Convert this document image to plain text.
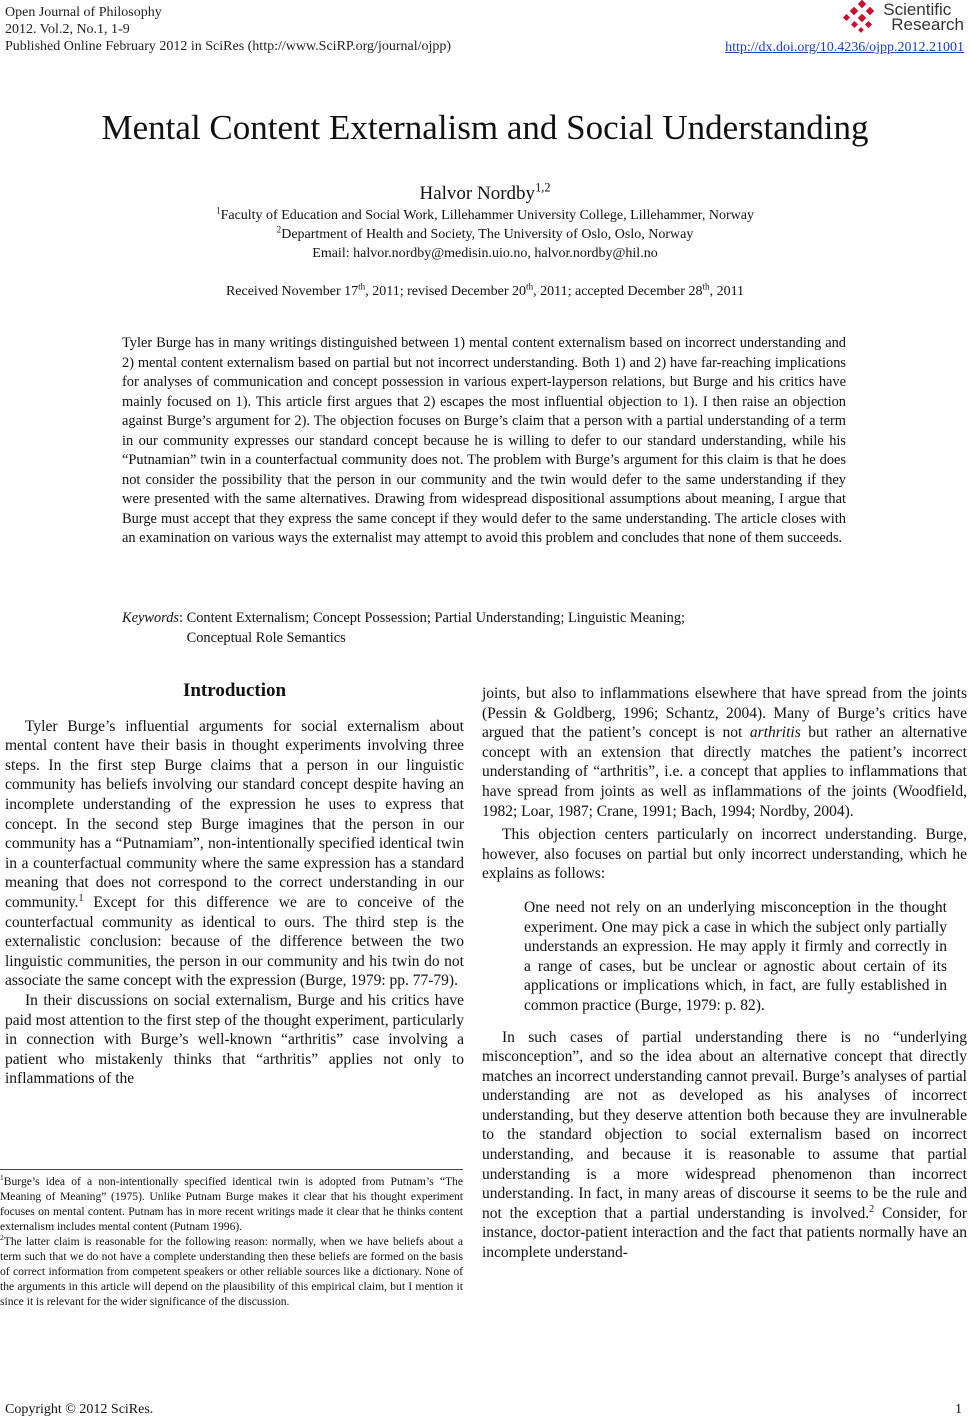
Open Journal of Philosophy
2012. Vol.2, No.1, 1-9
Published Online February 2012 in SciRes (http://www.SciRP.org/journal/ojpp)
Scientific
Research
http://dx.doi.org/10.4236/ojpp.2012.21001
Mental Content Externalism and Social Understanding
Halvor Nordby$^{1,2}$
$^1$Faculty of Education and Social Work, Lillehammer University College, Lillehammer, Norway
$^2$Department of Health and Society, The University of Oslo, Oslo, Norway
Email: halvor.nordby@medisin.uio.no, halvor.nordby@hil.no
Received November 17th, 2011; revised December 20th, 2011; accepted December 28th, 2011
Tyler Burge has in many writings distinguished between 1) mental content externalism based on incorrect understanding and 2) mental content externalism based on partial but not incorrect understanding. Both 1) and 2) have far-reaching implications for analyses of communication and concept possession in various expert-layperson relations, but Burge and his critics have mainly focused on 1). This article first argues that 2) escapes the most influential objection to 1). I then raise an objection against Burge’s argument for 2). The objection focuses on Burge’s claim that a person with a partial understanding of a term in our community expresses our standard concept because he is willing to defer to our standard understanding, while his “Putnamian” twin in a counterfactual community does not. The problem with Burge’s argument for this claim is that he does not consider the possibility that the person in our community and the twin would defer to the same understanding if they were presented with the same alternatives. Drawing from widespread dispositional assumptions about meaning, I argue that Burge must accept that they express the same concept if they would defer to the same understanding. The article closes with an examination on various ways the externalist may attempt to avoid this problem and concludes that none of them succeeds.
Keywords : Content Externalism; Concept Possession; Partial Understanding; Linguistic Meaning;
Conceptual Role Semantics
Introduction

Tyler Burge’s influential arguments for social externalism about mental content have their basis in thought experiments involving three steps. In the first step Burge claims that a person in our linguistic community has beliefs involving our standard concept despite having an incomplete understanding of the expression he uses to express that concept. In the second step Burge imagines that the person in our community has a “Putnamiam”, non-intentionally specified identical twin in a counterfactual community where the same expression has a standard meaning that does not correspond to the correct understanding in our community.$^1$ Except for this difference we are to conceive of the counterfactual community as identical to ours. The third step is the externalistic conclusion: because of the difference between the two linguistic communities, the person in our community and his twin do not associate the same concept with the expression (Burge, 1979: pp. 77-79).

In their discussions on social externalism, Burge and his critics have paid most attention to the first step of the thought experiment, particularly in connection with Burge’s well-known “arthritis” case involving a patient who mistakenly thinks that “arthritis” applies not only to inflammations of the

$^1$Burge’s idea of a non-intentionally specified identical twin is adopted from Putnam’s “The Meaning of Meaning” (1975). Unlike Putnam Burge makes it clear that his thought experiment focuses on mental content. Putnam has in more recent writings made it clear that he thinks content externalism includes mental content (Putnam 1996).

$^2$The latter claim is reasonable for the following reason: normally, when we have beliefs about a term such that we do not have a complete understanding then these beliefs are formed on the basis of correct information from competent speakers or other reliable sources like a dictionary. None of the arguments in this article will depend on the plausibility of this empirical claim, but I mention it since it is relevant for the wider significance of the discussion.

joints, but also to inflammations elsewhere that have spread from the joints (Pessin & Goldberg, 1996; Schantz, 2004). Many of Burge’s critics have argued that the patient’s concept is not arthritis but rather an alternative concept with an extension that directly matches the patient’s incorrect understanding of “arthritis”, i.e. a concept that applies to inflammations that have spread from joints as well as inflammations of the joints (Woodfield, 1982; Loar, 1987; Crane, 1991; Bach, 1994; Nordby, 2004).

This objection centers particularly on incorrect understanding. Burge, however, also focuses on partial but only incorrect understanding, which he explains as follows:

One need not rely on an underlying misconception in the thought experiment. One may pick a case in which the subject only partially understands an expression. He may apply it firmly and correctly in a range of cases, but be unclear or agnostic about certain of its applications or implications which, in fact, are fully established in common practice (Burge, 1979: p. 82).

In such cases of partial understanding there is no “underlying misconception”, and so the idea about an alternative concept that directly matches an incorrect understanding cannot prevail. Burge’s analyses of partial understanding are not as developed as his analyses of incorrect understanding, but they deserve attention both because they are invulnerable to the standard objection to social externalism based on incorrect understanding, and because it is reasonable to assume that partial understanding is a more widespread phenomenon than incorrect understanding. In fact, in many areas of discourse it seems to be the rule and not the exception that a partial understanding is involved.$^2$ Consider, for instance, doctor-patient interaction and the fact that patients normally have an incomplete understand-

Copyright © 2012 SciRes.	1
